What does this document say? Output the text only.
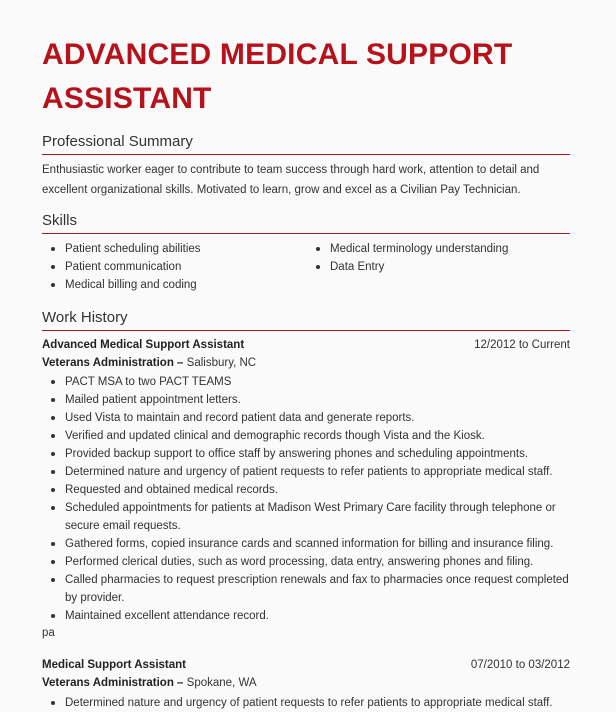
ADVANCED MEDICAL SUPPORT ASSISTANT
Professional Summary
Enthusiastic worker eager to contribute to team success through hard work, attention to detail and excellent organizational skills. Motivated to learn, grow and excel as a Civilian Pay Technician.
Skills
Patient scheduling abilities
Patient communication
Medical billing and coding
Medical terminology understanding
Data Entry
Work History
Advanced Medical Support Assistant	12/2012 to Current
Veterans Administration – Salisbury, NC
PACT MSA to two PACT TEAMS
Mailed patient appointment letters.
Used Vista to maintain and record patient data and generate reports.
Verified and updated clinical and demographic records though Vista and the Kiosk.
Provided backup support to office staff by answering phones and scheduling appointments.
Determined nature and urgency of patient requests to refer patients to appropriate medical staff.
Requested and obtained medical records.
Scheduled appointments for patients at Madison West Primary Care facility through telephone or secure email requests.
Gathered forms, copied insurance cards and scanned information for billing and insurance filing.
Performed clerical duties, such as word processing, data entry, answering phones and filing.
Called pharmacies to request prescription renewals and fax to pharmacies once request completed by provider.
Maintained excellent attendance record.
pa
Medical Support Assistant	07/2010 to 03/2012
Veterans Administration – Spokane, WA
Determined nature and urgency of patient requests to refer patients to appropriate medical staff.
